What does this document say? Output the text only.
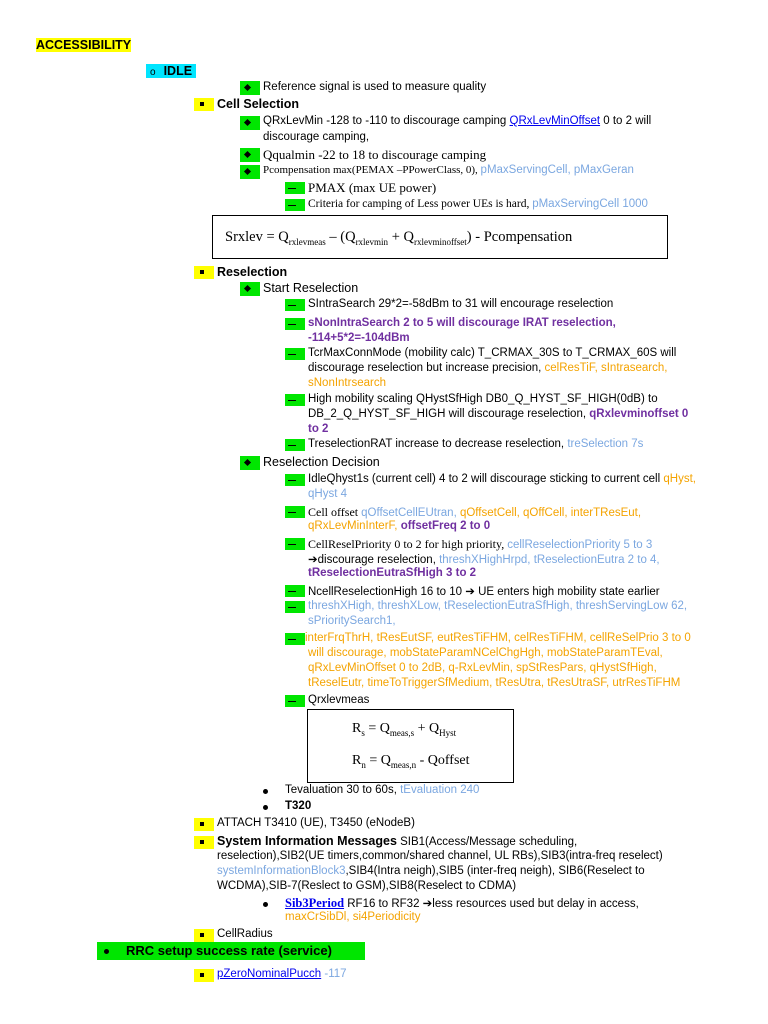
ACCESSIBILITY
o IDLE
Reference signal is used to measure quality
Cell Selection
QRxLevMin -128 to -110 to discourage camping QRxLevMinOffset 0 to 2 will
discourage camping,
Qqualmin -22 to 18 to discourage camping
Pcompensation max(PEMAX –PPowerClass, 0), pMaxServingCell, pMaxGeran
PMAX (max UE power)
Criteria for camping of Less power UEs is hard, pMaxServingCell 1000
Srxlev = $Q_{rxlevmeas} - (Q_{rxlevmin} + Q_{rxlevminoffset})$ - Pcompensation
Reselection
Start Reselection
SIntraSearch 29*2=-58dBm to 31 will encourage reselection
sNonIntraSearch 2 to 5 will discourage IRAT reselection,
-114+5*2=-104dBm
TcrMaxConnMode (mobility calc) T_CRMAX_30S to T_CRMAX_60S will
discourage reselection but increase precision, celResTiF, sIntrasearch,
sNonIntrsearch
High mobility scaling QHystSfHigh DB0_Q_HYST_SF_HIGH(0dB) to
DB_2_Q_HYST_SF_HIGH will discourage reselection, qRxlevminoffset 0
to 2
TreselectionRAT increase to decrease reselection, treSelection 7s
Reselection Decision
IdleQhyst1s (current cell) 4 to 2 will discourage sticking to current cell qHyst,
qHyst 4
Cell offset qOffsetCellEUtran, qOffsetCell, qOffCell, interTResEut,
qRxLevMinInterF, offsetFreq 2 to 0
CellReselPriority 0 to 2 for high priority, cellReselectionPriority 5 to 3
➔discourage reselection, threshXHighHrpd, tReselectionEutra 2 to 4,
tReselectionEutraSfHigh 3 to 2
NcellReselectionHigh 16 to 10 ➔ UE enters high mobility state earlier
threshXHigh, threshXLow, tReselectionEutraSfHigh, threshServingLow 62,
sPrioritySearch1,
interFrqThrH, tResEutSF, eutResTiFHM, celResTiFHM, cellReSelPrio 3 to 0
will discourage, mobStateParamNCelChgHgh, mobStateParamTEval,
qRxLevMinOffset 0 to 2dB, q-RxLevMin, spStResPars, qHystSfHigh,
tReselEutr, timeToTriggerSfMedium, tResUtra, tResUtraSF, utrResTiFHM
Qrxlevmeas
$R_s = Q_{meas,s} + Q_{Hyst}$
$R_n = Q_{meas,n}$ - Qoffset
Tevaluation 30 to 60s, tEvaluation 240
T320
ATTACH T3410 (UE), T3450 (eNodeB)
System Information Messages SIB1(Access/Message scheduling,
reselection),SIB2(UE timers,common/shared channel, UL RBs),SIB3(intra-freq reselect)
systemInformationBlock3,SIB4(Intra neigh),SIB5 (inter-freq neigh), SIB6(Reselect to
WCDMA),SIB-7(Reslect to GSM),SIB8(Reselect to CDMA)
Sib3Period RF16 to RF32 ➔less resources used but delay in access,
maxCrSibDl, si4Periodicity
CellRadius
RRC setup success rate (service)
pZeroNominalPucch -117
